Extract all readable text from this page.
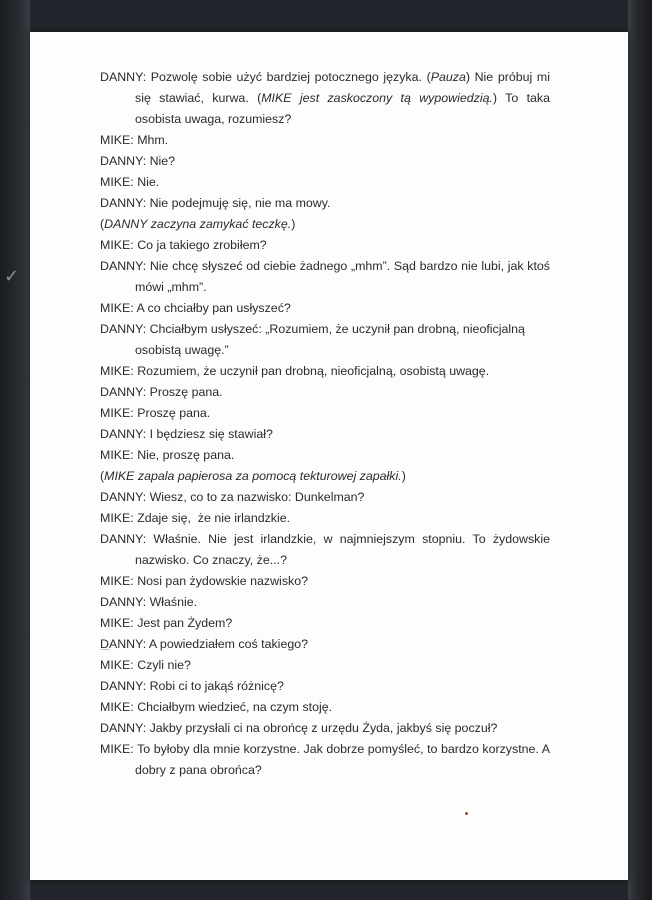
✓
DANNY: Pozwolę sobie użyć bardziej potocznego języka. (Pauza) Nie próbuj mi się stawiać, kurwa. (MIKE jest zaskoczony tą wypowiedzią.) To taka osobista uwaga, rozumiesz?
MIKE: Mhm.
DANNY: Nie?
MIKE: Nie.
DANNY: Nie podejmuję się, nie ma mowy.
(DANNY zaczyna zamykać teczkę.)
MIKE: Co ja takiego zrobiłem?
DANNY: Nie chcę słyszeć od ciebie żadnego „mhm”. Sąd bardzo nie lubi, jak ktoś mówi „mhm”.
MIKE: A co chciałby pan usłyszeć?
DANNY: Chciałbym usłyszeć: „Rozumiem, że uczynił pan drobną, nieoficjalną osobistą uwagę.”
MIKE: Rozumiem, że uczynił pan drobną, nieoficjalną, osobistą uwagę.
DANNY: Proszę pana.
MIKE: Proszę pana.
DANNY: I będziesz się stawiał?
MIKE: Nie, proszę pana.
(MIKE zapala papierosa za pomocą tekturowej zapałki.)
DANNY: Wiesz, co to za nazwisko: Dunkelman?
MIKE: Zdaje się,  że nie irlandzkie.
DANNY: Właśnie. Nie jest irlandzkie, w najmniejszym stopniu. To żydowskie nazwisko. Co znaczy, że...?
MIKE: Nosi pan żydowskie nazwisko?
DANNY: Właśnie.
MIKE: Jest pan Żydem?
DANNY: A powiedziałem coś takiego?
MIKE: Czyli nie?
DANNY: Robi ci to jakąś różnicę?
MIKE: Chciałbym wiedzieć, na czym stoję.
DANNY: Jakby przysłali ci na obrońcę z urzędu Żyda, jakbyś się poczuł?
MIKE: To byłoby dla mnie korzystne. Jak dobrze pomyśleć, to bardzo korzystne. A dobry z pana obrońca?
